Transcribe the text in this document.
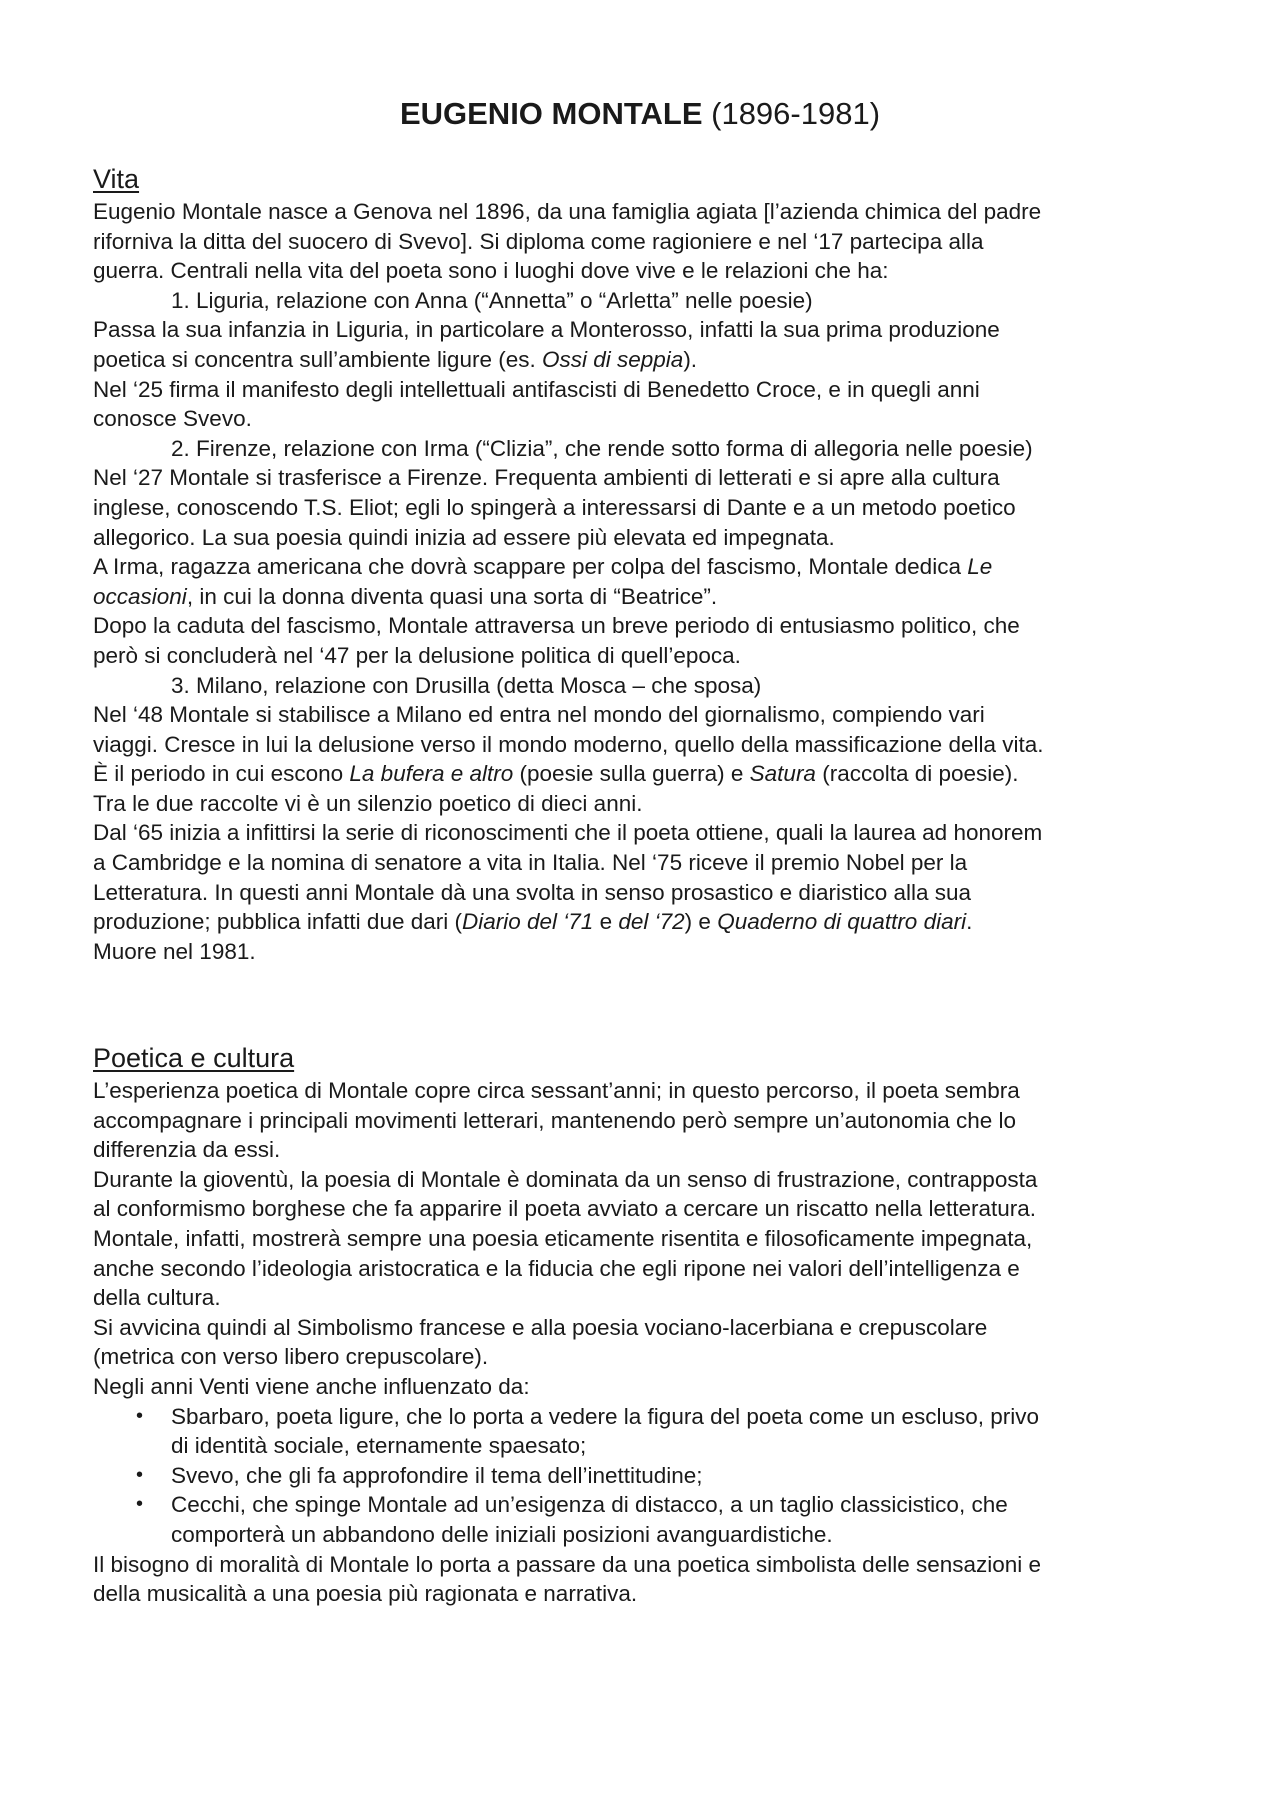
EUGENIO MONTALE (1896-1981)
Vita

Eugenio Montale nasce a Genova nel 1896, da una famiglia agiata [l’azienda chimica del padre
riforniva la ditta del suocero di Svevo]. Si diploma come ragioniere e nel ‘17 partecipa alla
guerra. Centrali nella vita del poeta sono i luoghi dove vive e le relazioni che ha:

1. Liguria, relazione con Anna (“Annetta” o “Arletta” nelle poesie)

Passa la sua infanzia in Liguria, in particolare a Monterosso, infatti la sua prima produzione
poetica si concentra sull’ambiente ligure (es. Ossi di seppia).

Nel ‘25 firma il manifesto degli intellettuali antifascisti di Benedetto Croce, e in quegli anni
conosce Svevo.

2. Firenze, relazione con Irma (“Clizia”, che rende sotto forma di allegoria nelle poesie)

Nel ‘27 Montale si trasferisce a Firenze. Frequenta ambienti di letterati e si apre alla cultura
inglese, conoscendo T.S. Eliot; egli lo spingerà a interessarsi di Dante e a un metodo poetico
allegorico. La sua poesia quindi inizia ad essere più elevata ed impegnata.

A Irma, ragazza americana che dovrà scappare per colpa del fascismo, Montale dedica Le
occasioni, in cui la donna diventa quasi una sorta di “Beatrice”.

Dopo la caduta del fascismo, Montale attraversa un breve periodo di entusiasmo politico, che
però si concluderà nel ‘47 per la delusione politica di quell’epoca.

3. Milano, relazione con Drusilla (detta Mosca – che sposa)

Nel ‘48 Montale si stabilisce a Milano ed entra nel mondo del giornalismo, compiendo vari
viaggi. Cresce in lui la delusione verso il mondo moderno, quello della massificazione della vita.
È il periodo in cui escono La bufera e altro (poesie sulla guerra) e Satura (raccolta di poesie).
Tra le due raccolte vi è un silenzio poetico di dieci anni.

Dal ‘65 inizia a infittirsi la serie di riconoscimenti che il poeta ottiene, quali la laurea ad honorem
a Cambridge e la nomina di senatore a vita in Italia. Nel ‘75 riceve il premio Nobel per la
Letteratura. In questi anni Montale dà una svolta in senso prosastico e diaristico alla sua
produzione; pubblica infatti due dari (Diario del ‘71 e del ‘72) e Quaderno di quattro diari.
Muore nel 1981.

Poetica e cultura

L’esperienza poetica di Montale copre circa sessant’anni; in questo percorso, il poeta sembra
accompagnare i principali movimenti letterari, mantenendo però sempre un’autonomia che lo
differenzia da essi.

Durante la gioventù, la poesia di Montale è dominata da un senso di frustrazione, contrapposta
al conformismo borghese che fa apparire il poeta avviato a cercare un riscatto nella letteratura.
Montale, infatti, mostrerà sempre una poesia eticamente risentita e filosoficamente impegnata,
anche secondo l’ideologia aristocratica e la fiducia che egli ripone nei valori dell’intelligenza e
della cultura.

Si avvicina quindi al Simbolismo francese e alla poesia vociano-lacerbiana e crepuscolare
(metrica con verso libero crepuscolare).

Negli anni Venti viene anche influenzato da:

• Sbarbaro, poeta ligure, che lo porta a vedere la figura del poeta come un escluso, privo
di identità sociale, eternamente spaesato;
• Svevo, che gli fa approfondire il tema dell’inettitudine;
• Cecchi, che spinge Montale ad un’esigenza di distacco, a un taglio classicistico, che
comporterà un abbandono delle iniziali posizioni avanguardistiche.

Il bisogno di moralità di Montale lo porta a passare da una poetica simbolista delle sensazioni e
della musicalità a una poesia più ragionata e narrativa.
